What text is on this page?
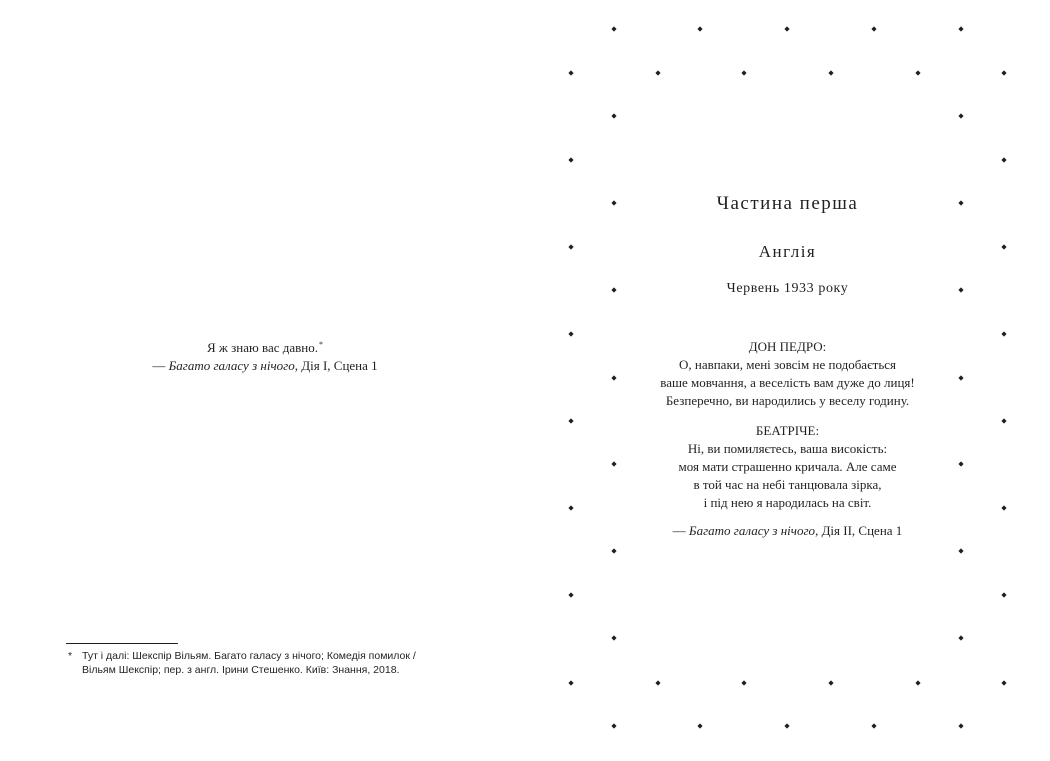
Я ж знаю вас давно.*
— Багато галасу з нічого, Дія I, Сцена 1
* Тут і далі: Шекспір Вільям. Багато галасу з нічого; Комедія помилок /
Вільям Шекспір; пер. з англ. Ірини Стешенко. Київ: Знання, 2018.
Частина перша
Англія
Червень 1933 року
ДОН ПЕДРО:
О, навпаки, мені зовсім не подобається
ваше мовчання, а веселість вам дуже до лиця!
Безперечно, ви народились у веселу годину.
БЕАТРІЧЕ:
Ні, ви помиляєтесь, ваша високість:
моя мати страшенно кричала. Але саме
в той час на небі танцювала зірка,
і під нею я народилась на світ.
— Багато галасу з нічого, Дія II, Сцена 1
